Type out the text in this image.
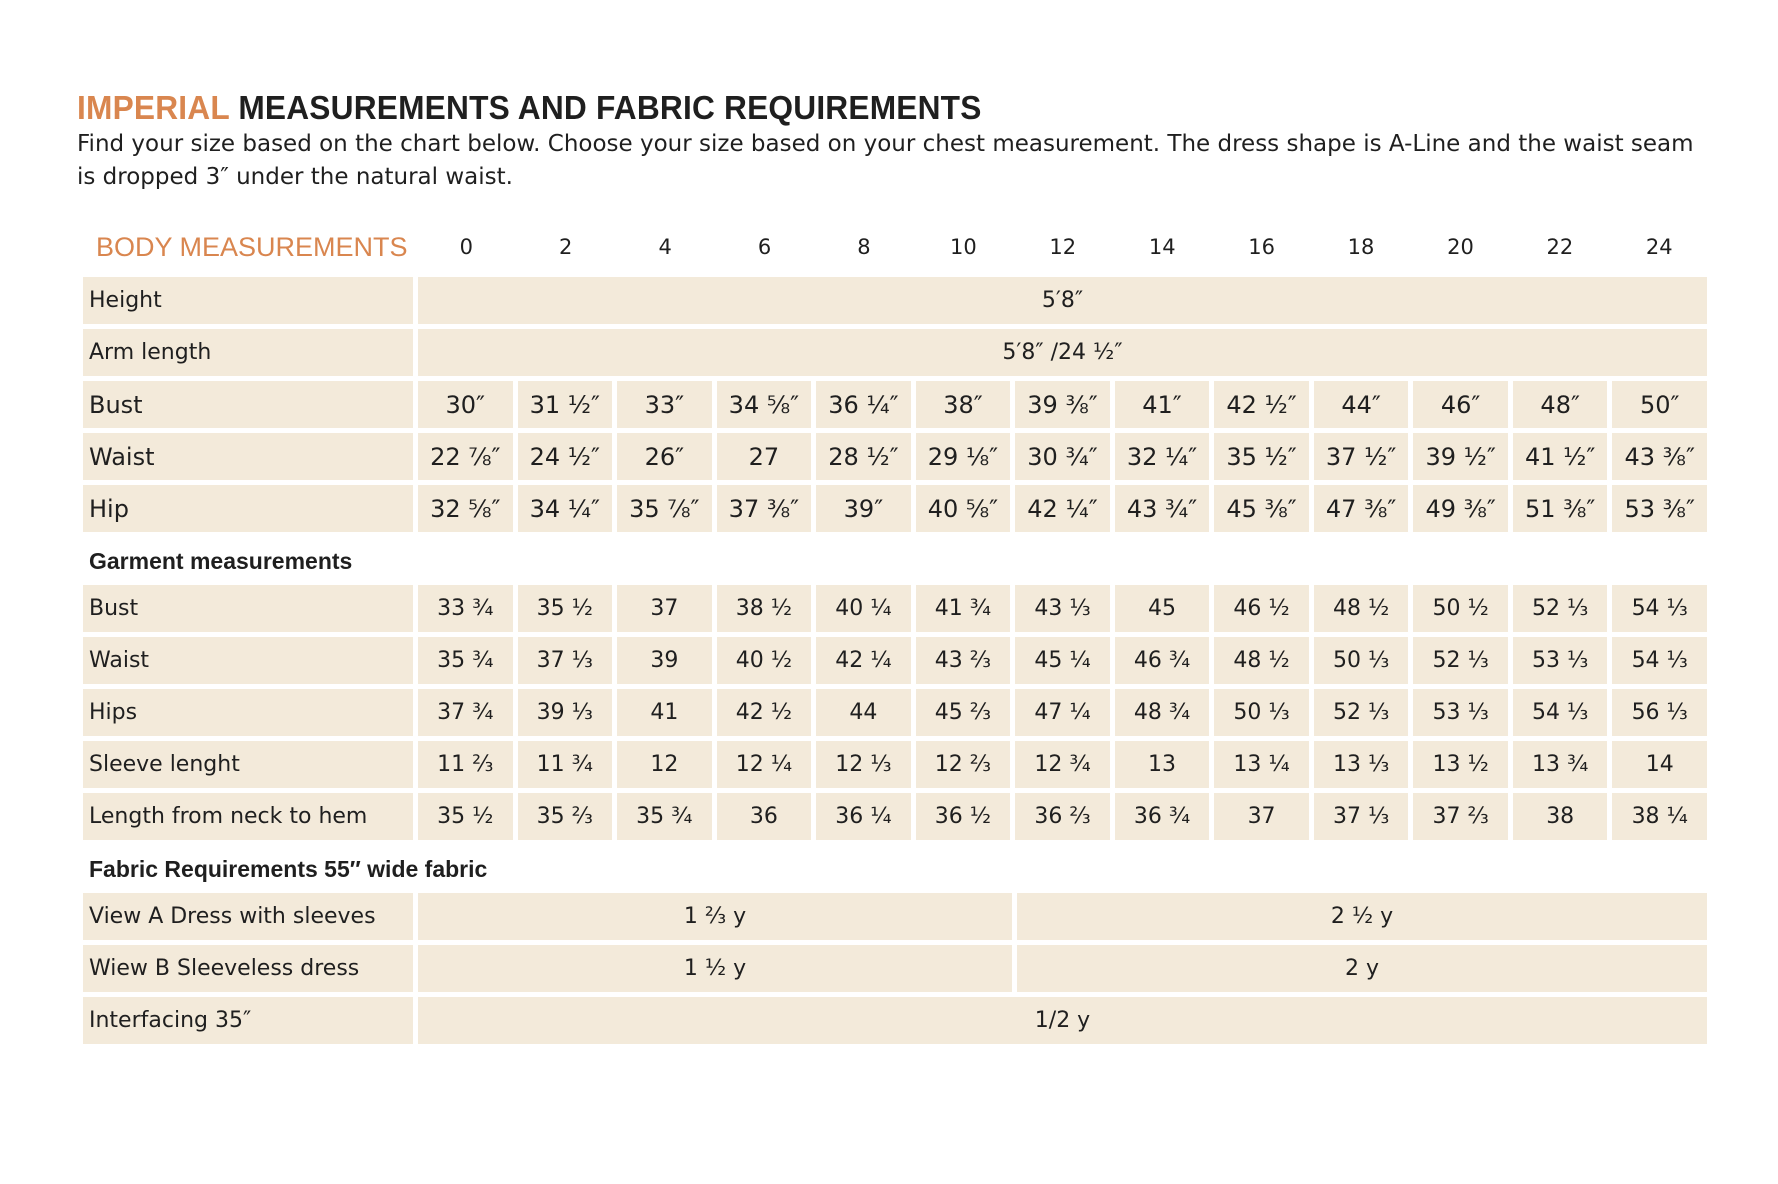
IMPERIAL MEASUREMENTS AND FABRIC REQUIREMENTS

Find your size based on the chart below. Choose your size based on your chest measurement. The dress shape is A-Line and the waist seam is dropped 3″ under the natural waist.

BODY MEASUREMENTS	0	2	4	6	8	10	12	14	16	18	20	22	24
Height	5′8″
Arm length	5′8″ /24 ½″
Bust	30″	31 ½″	33″	34 ⅝″	36 ¼″	38″	39 ⅜″	41″	42 ½″	44″	46″	48″	50″
Waist	22 ⅞″	24 ½″	26″	27	28 ½″	29 ⅛″	30 ¾″	32 ¼″	35 ½″	37 ½″	39 ½″	41 ½″	43 ⅜″
Hip	32 ⅝″	34 ¼″	35 ⅞″	37 ⅜″	39″	40 ⅝″	42 ¼″	43 ¾″	45 ⅜″	47 ⅜″	49 ⅜″	51 ⅜″	53 ⅜″
Garment measurements
Bust	33 ¾	35 ½	37	38 ½	40 ¼	41 ¾	43 ⅓	45	46 ½	48 ½	50 ½	52 ⅓	54 ⅓
Waist	35 ¾	37 ⅓	39	40 ½	42 ¼	43 ⅔	45 ¼	46 ¾	48 ½	50 ⅓	52 ⅓	53 ⅓	54 ⅓
Hips	37 ¾	39 ⅓	41	42 ½	44	45 ⅔	47 ¼	48 ¾	50 ⅓	52 ⅓	53 ⅓	54 ⅓	56 ⅓
Sleeve lenght	11 ⅔	11 ¾	12	12 ¼	12 ⅓	12 ⅔	12 ¾	13	13 ¼	13 ⅓	13 ½	13 ¾	14
Length from neck to hem	35 ½	35 ⅔	35 ¾	36	36 ¼	36 ½	36 ⅔	36 ¾	37	37 ⅓	37 ⅔	38	38 ¼
Fabric Requirements 55″ wide fabric
View A Dress with sleeves	1 ⅔ y	2 ½ y
Wiew B Sleeveless dress	1 ½ y	2 y
Interfacing 35″	1/2 y
